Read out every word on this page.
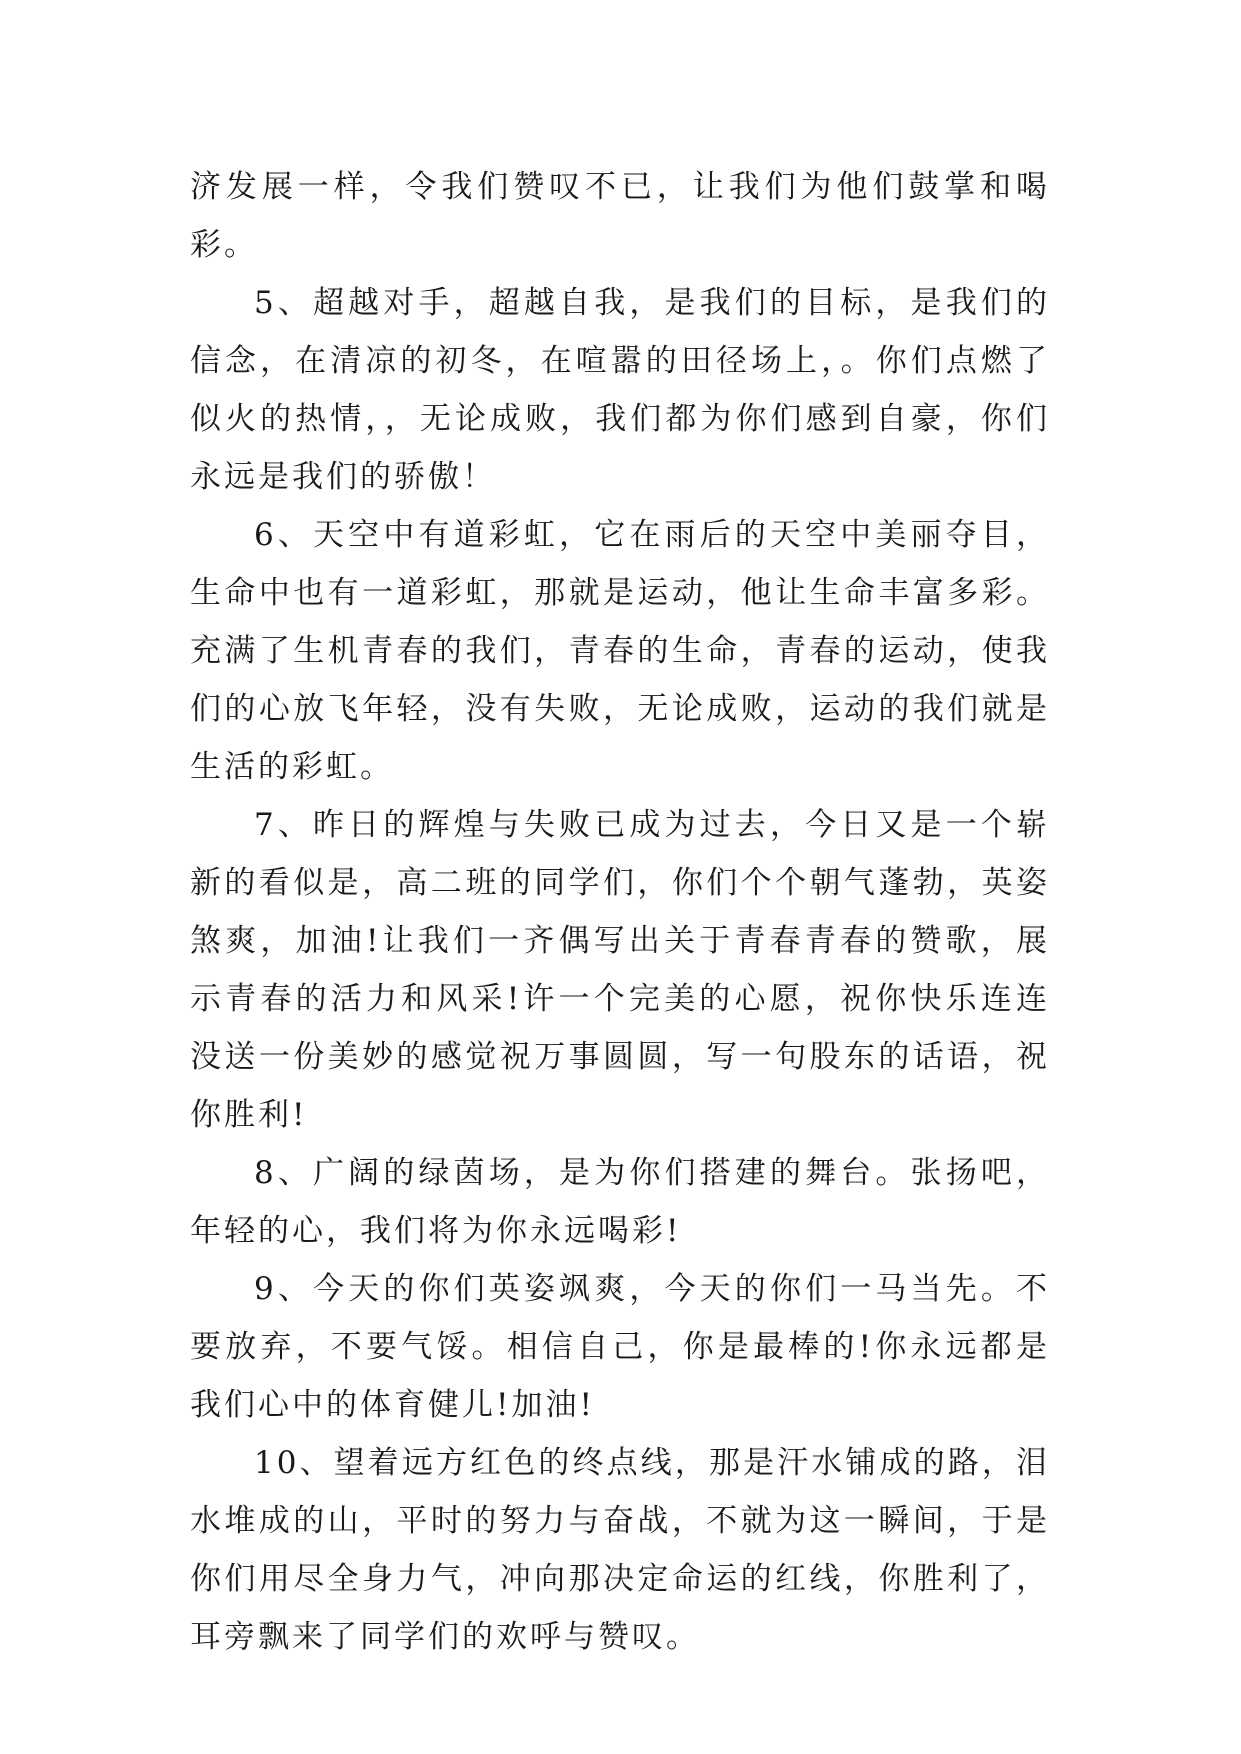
济发展一样，令我们赞叹不已，让我们为他们鼓掌和喝彩。

5、超越对手，超越自我，是我们的目标，是我们的信念，在清凉的初冬，在喧嚣的田径场上，。你们点燃了似火的热情，，无论成败，我们都为你们感到自豪，你们永远是我们的骄傲！

6、天空中有道彩虹，它在雨后的天空中美丽夺目，生命中也有一道彩虹，那就是运动，他让生命丰富多彩。充满了生机青春的我们，青春的生命，青春的运动，使我们的心放飞年轻，没有失败，无论成败，运动的我们就是生活的彩虹。

7、昨日的辉煌与失败已成为过去，今日又是一个崭新的看似是，高二班的同学们，你们个个朝气蓬勃，英姿煞爽，加油!让我们一齐偶写出关于青春青春的赞歌，展示青春的活力和风采!许一个完美的心愿，祝你快乐连连没送一份美妙的感觉祝万事圆圆，写一句股东的话语，祝你胜利!

8、广阔的绿茵场，是为你们搭建的舞台。张扬吧，年轻的心，我们将为你永远喝彩!

9、今天的你们英姿飒爽，今天的你们一马当先。不要放弃，不要气馁。相信自己，你是最棒的!你永远都是我们心中的体育健儿!加油!

10、望着远方红色的终点线，那是汗水铺成的路，泪水堆成的山，平时的努力与奋战，不就为这一瞬间，于是你们用尽全身力气，冲向那决定命运的红线，你胜利了，耳旁飘来了同学们的欢呼与赞叹。
